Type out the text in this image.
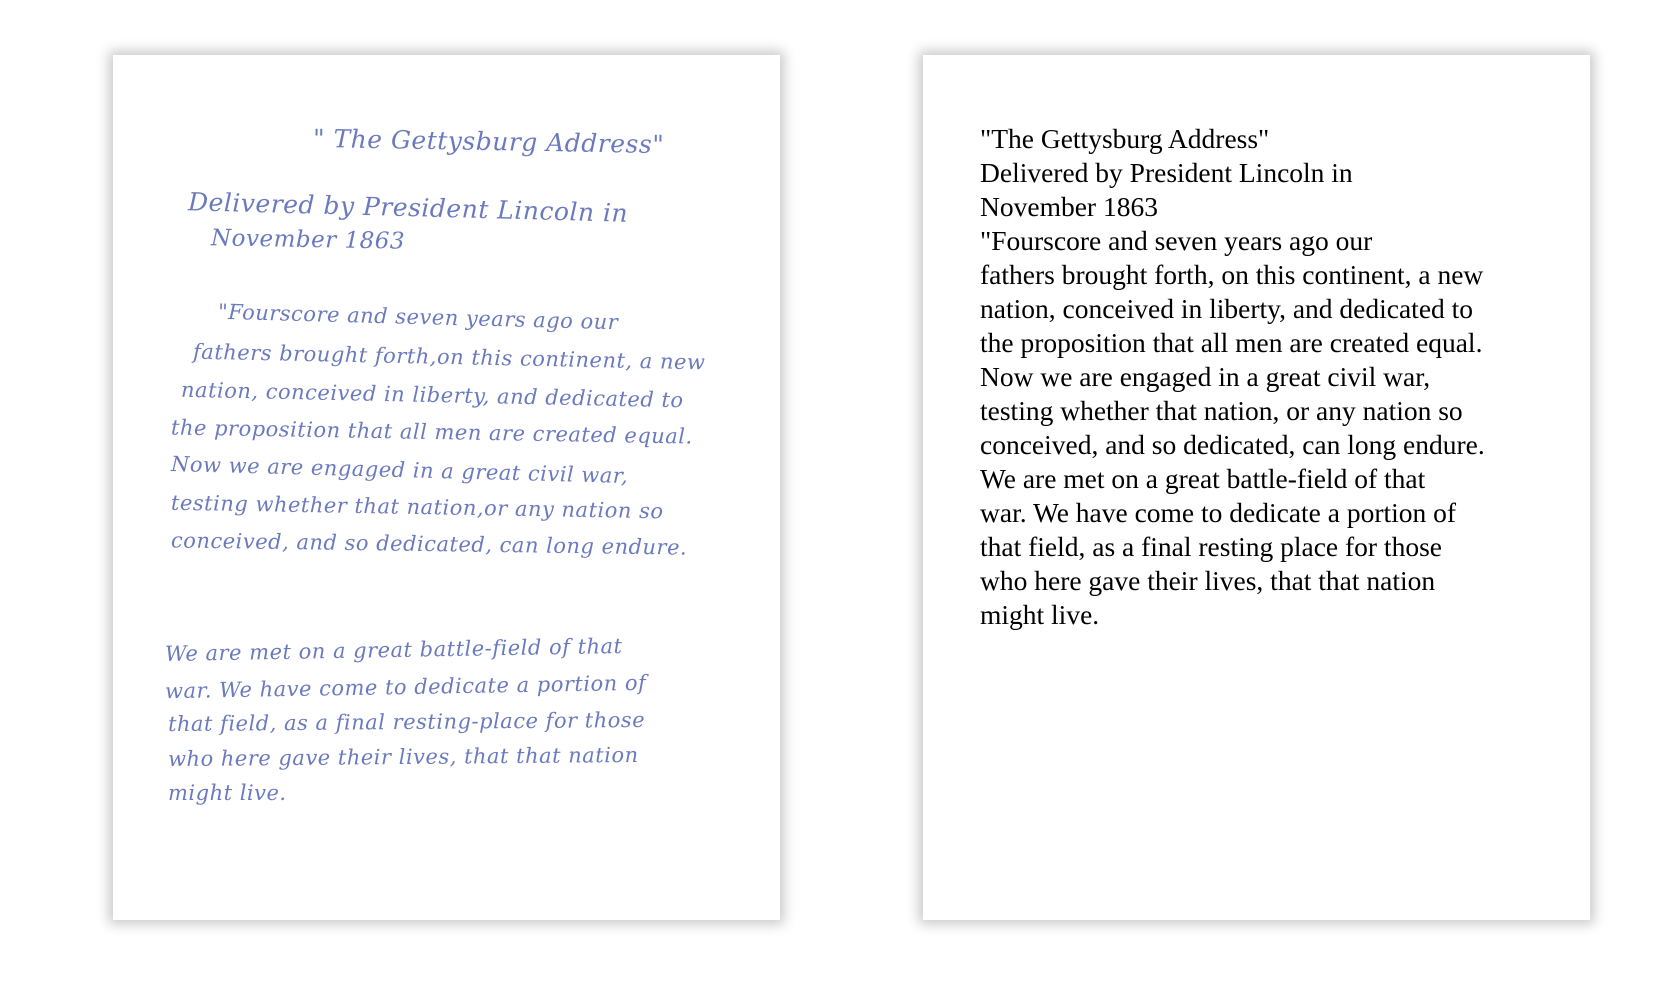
" The Gettysburg Address"
Delivered by President Lincoln in
November 1863
"Fourscore and seven years ago our
fathers brought forth,on this continent, a new
nation, conceived in liberty, and dedicated to
the proposition that all men are created equal.
Now we are engaged in a great civil war,
testing whether that nation,or any nation so
conceived, and so dedicated, can long endure.
We are met on a great battle-field of that
war. We have come to dedicate a portion of
that field, as a final resting-place for those
who here gave their lives, that that nation
might live.
"The Gettysburg Address"
Delivered by President Lincoln in
November 1863
"Fourscore and seven years ago our
fathers brought forth, on this continent, a new
nation, conceived in liberty, and dedicated to
the proposition that all men are created equal.
Now we are engaged in a great civil war,
testing whether that nation, or any nation so
conceived, and so dedicated, can long endure.
We are met on a great battle-field of that
war. We have come to dedicate a portion of
that field, as a final resting place for those
who here gave their lives, that that nation
might live.
